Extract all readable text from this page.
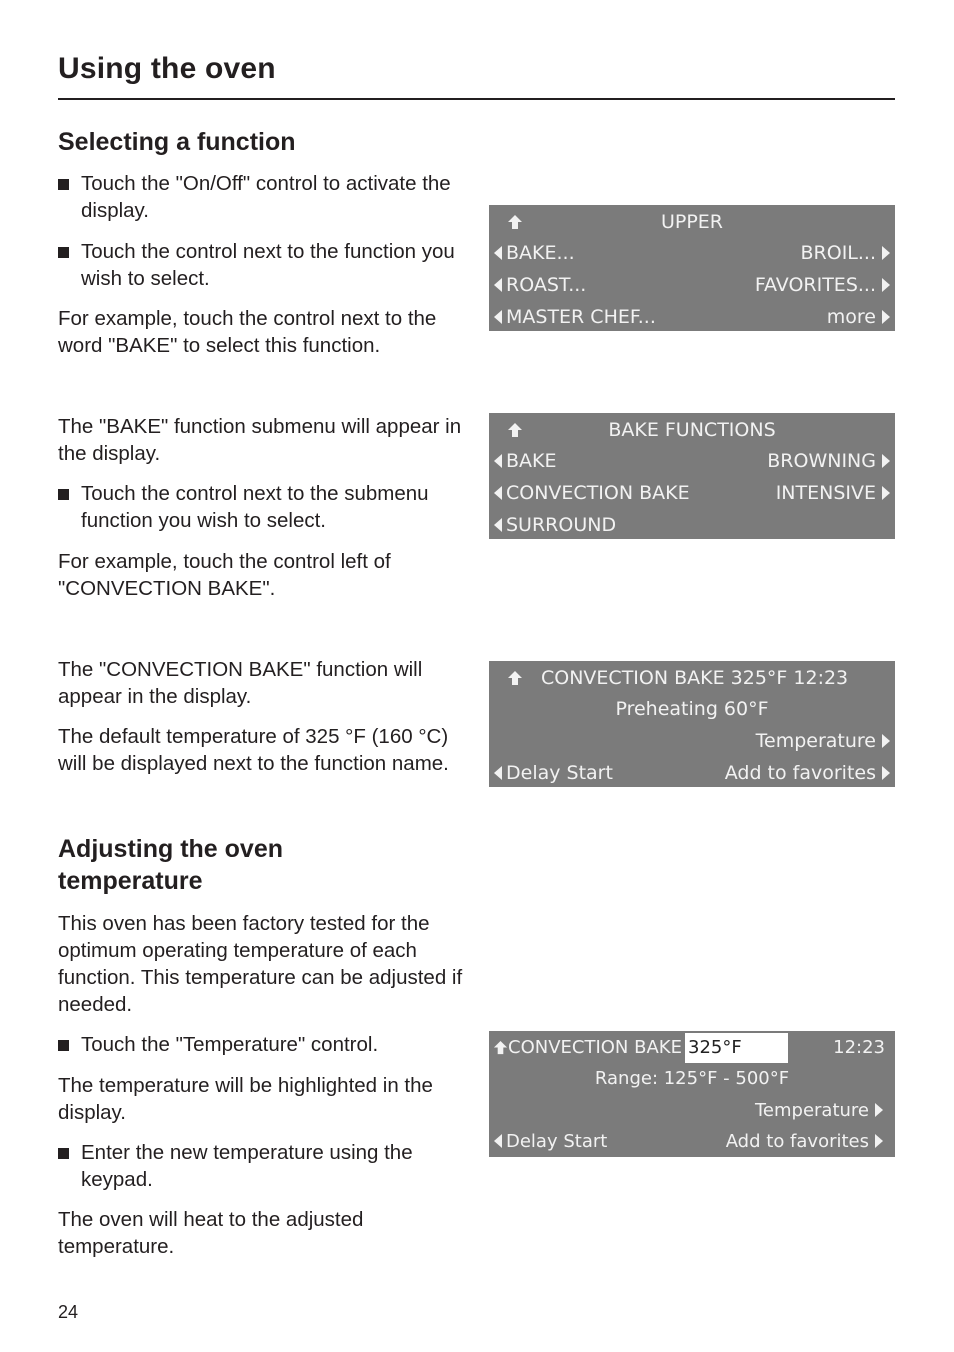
Using the oven
Selecting a function
Touch the "On/Off" control to activate the display.
Touch the control next to the function you wish to select.
For example, touch the control next to the word "BAKE" to select this function.
The "BAKE" function submenu will appear in the display.
Touch the control next to the submenu function you wish to select.
For example, touch the control left of "CONVECTION BAKE".
The "CONVECTION BAKE" function will appear in the display.
The default temperature of 325 °F (160 °C) will be displayed next to the function name.
Adjusting the oven temperature
This oven has been factory tested for the optimum operating temperature of each function. This temperature can be adjusted if needed.
Touch the "Temperature" control.
The temperature will be highlighted in the display.
Enter the new temperature using the keypad.
The oven will heat to the adjusted temperature.
24
UPPER
BAKE...	BROIL...
ROAST...	FAVORITES...
MASTER CHEF...	more
BAKE FUNCTIONS
BAKE	BROWNING
CONVECTION BAKE	INTENSIVE
SURROUND
CONVECTION BAKE 325°F 12:23
Preheating 60°F
Temperature
Delay Start	Add to favorites
CONVECTION BAKE 325°F	12:23
Range: 125°F - 500°F
Temperature
Delay Start	Add to favorites
